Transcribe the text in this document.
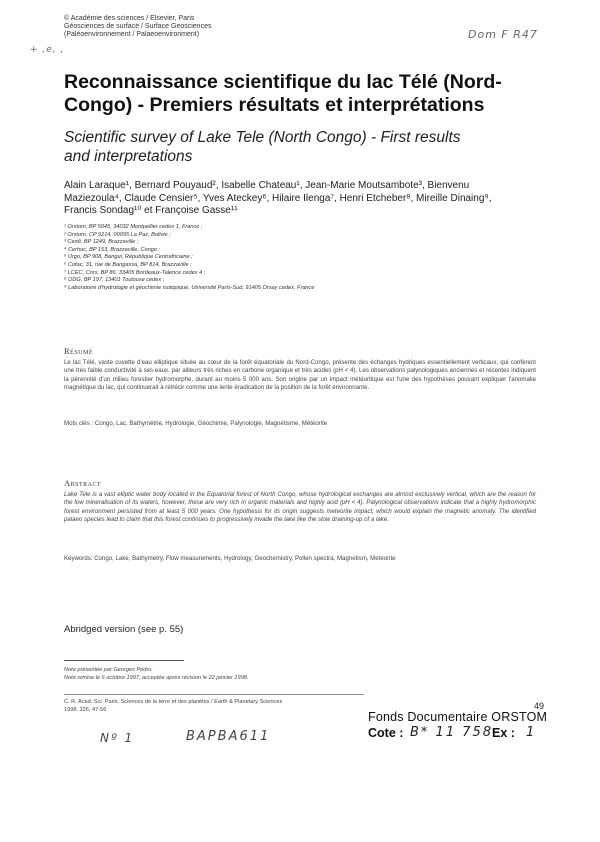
© Académie des sciences / Elsevier, Paris
Géosciences de surface / Surface Geosciences
(Paléoenvironnement / Palaeoenvironment)	Dom F R47
+ ,e, ,
Reconnaissance scientifique du lac Télé (Nord-
Congo) - Premiers résultats et interprétations
Scientific survey of Lake Tele (North Congo) - First results
and interpretations
Alain Laraque¹, Bernard Pouyaud², Isabelle Chateau¹, Jean-Marie Moutsambote³, Bienvenu
Maziezoula⁴, Claude Censier⁵, Yves Ateckey⁶, Hilaire Ilenga⁷, Henri Etcheber⁸, Mireille Dinaing⁹,
Francis Sondag¹⁰ et Françoise Gasse¹¹
¹ Orstom, BP 5045, 34032 Montpellier cedex 1, France ;
² Orstom, CP 9214, 00095 La Paz, Bolivie ;
³ Cerdi, BP 1249, Brazzaville ;
⁴ Cerhoc, BP 153, Brazzaville, Congo ;
⁵ Urgo, BP 908, Bangui, République Centrafricaine ;
⁶ Cofac, 31, rue de Bangassa, BP 814, Brazzaville ;
⁷ LCEC, Cnrs, BP 86, 33405 Bordeaux-Talence cedex 4 ;
⁸ ODG, BP 197, 13401 Toulouse cedex ;
⁹ Laboratoire d'hydrologie et géochimie isotopique, Université Paris-Sud, 91405 Orsay cedex, France
Résumé
Le lac Télé, vaste cuvette d'eau elliptique située au cœur de la forêt équatoriale du Nord-Congo, présente des échanges hydriques essentiellement verticaux, qui confèrent une très faible conductivité à ses eaux, par ailleurs très riches en carbone organique et très acides (pH < 4). Les observations palynologiques anciennes et récentes indiquent la pérennité d'un milieu forestier hydromorphe, durant au moins 5 000 ans. Son origine par un impact météoritique est l'une des hypothèses pouvant expliquer l'anomalie magnétique du lac, qui continuerait à rétrécir comme une lente éradication de la position de la forêt environnante.
Mots clés : Congo, Lac, Bathymétrie, Hydrologie, Géochimie, Palynologie, Magnétisme, Météorite
Abstract
Lake Tele is a vast elliptic water body located in the Equatorial forest of North Congo, whose hydrological exchanges are almost exclusively vertical, which are the reason for the low mineralisation of its waters, however, these are very rich in organic materials and highly acid (pH < 4). Palynological observations indicate that a highly hydromorphic forest environment persisted from at least 5 000 years. One hypothesis for its origin suggests meteorite impact, which would explain the magnetic anomaly. The identified palaeo species lead to claim that this forest continues to progressively invade the lake like the slow draining-up of a lake.
Keywords: Congo, Lake, Bathymetry, Flow measurements, Hydrology, Geochemistry, Pollen spectra, Magnetism, Meteorite
Abridged version (see p. 55)
Note présentée par Georges Pédro.
Note remise le 6 octobre 1997, acceptée après révision le 22 janvier 1998.
C. R. Acad. Sci. Paris, Sciences de la terre et des planètes / Earth & Planetary Sciences
1998. 326, 47-56	49
Fonds Documentaire ORSTOM
Cote : B* 11 758
Ex : 1
Nº 1	BAPBA611
